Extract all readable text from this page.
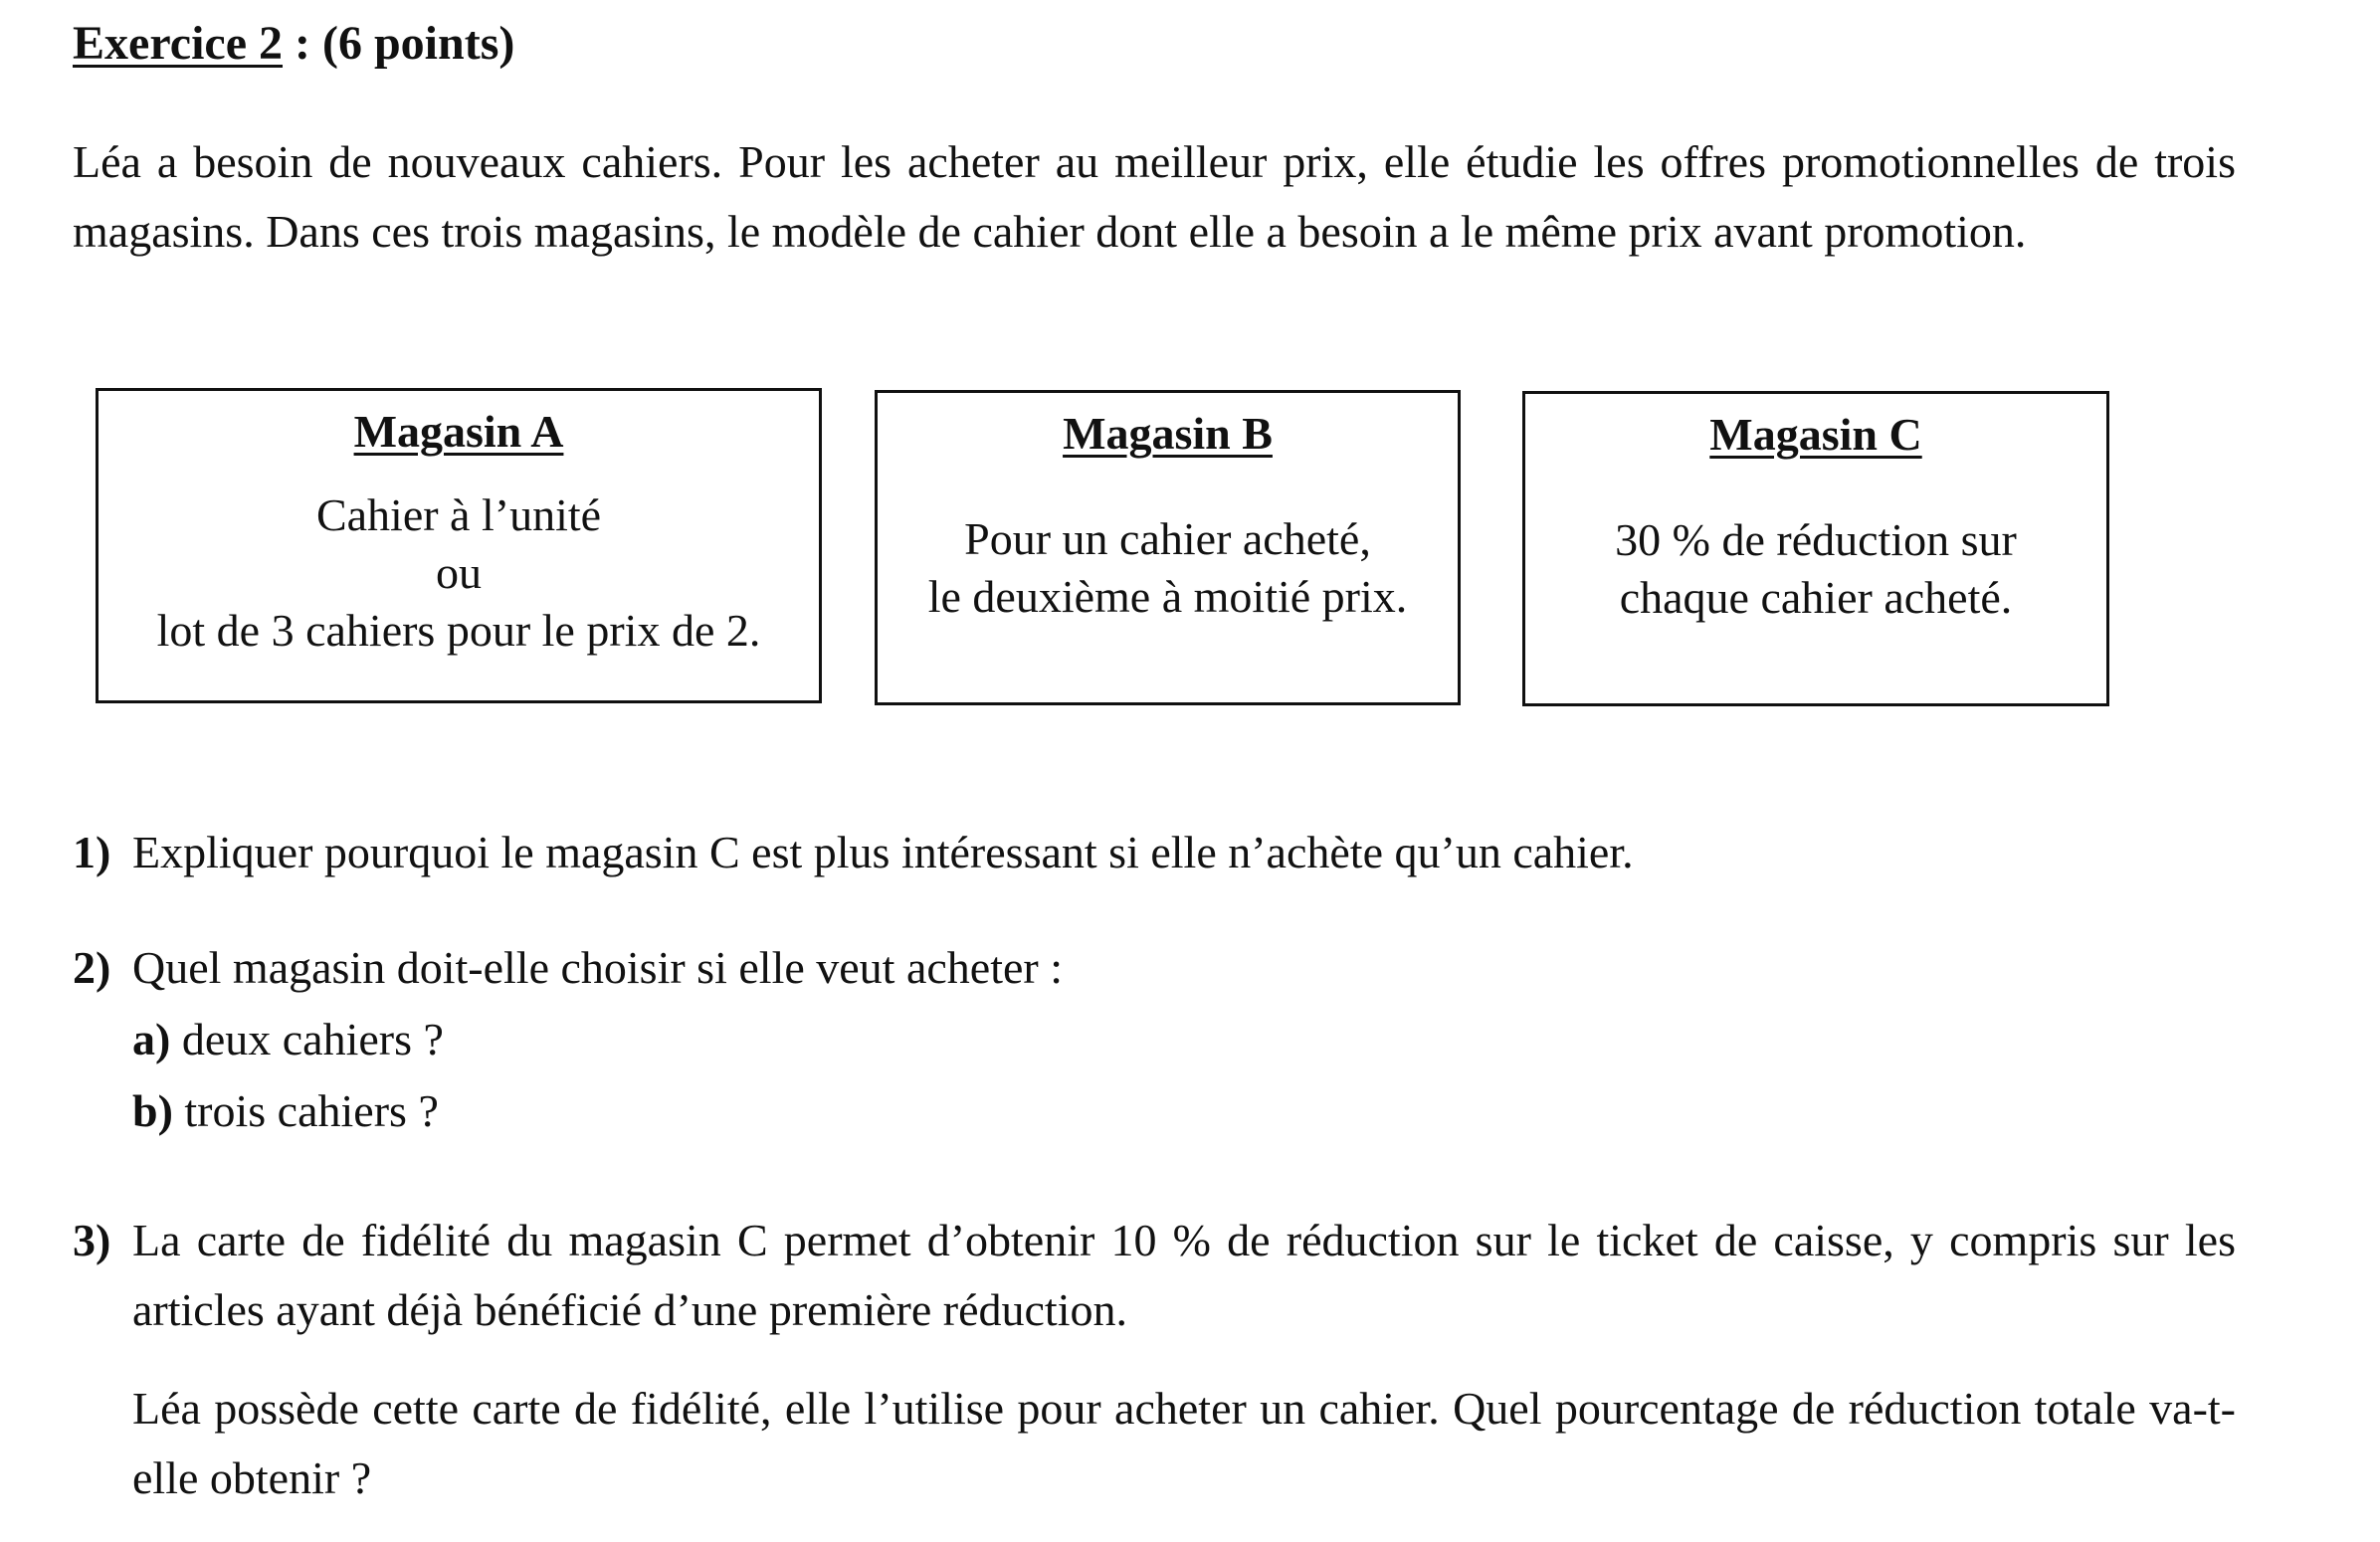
Exercice 2 : (6 points)
Léa a besoin de nouveaux cahiers. Pour les acheter au meilleur prix, elle étudie les offres promotionnelles de trois magasins. Dans ces trois magasins, le modèle de cahier dont elle a besoin a le même prix avant promotion.
Magasin A
Cahier à l’unité
ou
lot de 3 cahiers pour le prix de 2.
Magasin B
Pour un cahier acheté,
le deuxième à moitié prix.
Magasin C
30 % de réduction sur
chaque cahier acheté.
1) Expliquer pourquoi le magasin C est plus intéressant si elle n’achète qu’un cahier.
2) Quel magasin doit-elle choisir si elle veut acheter :
a) deux cahiers ?
b) trois cahiers ?
3) La carte de fidélité du magasin C permet d’obtenir 10 % de réduction sur le ticket de caisse, y compris sur les articles ayant déjà bénéficié d’une première réduction.
Léa possède cette carte de fidélité, elle l’utilise pour acheter un cahier. Quel pourcentage de réduction totale va-t-elle obtenir ?
